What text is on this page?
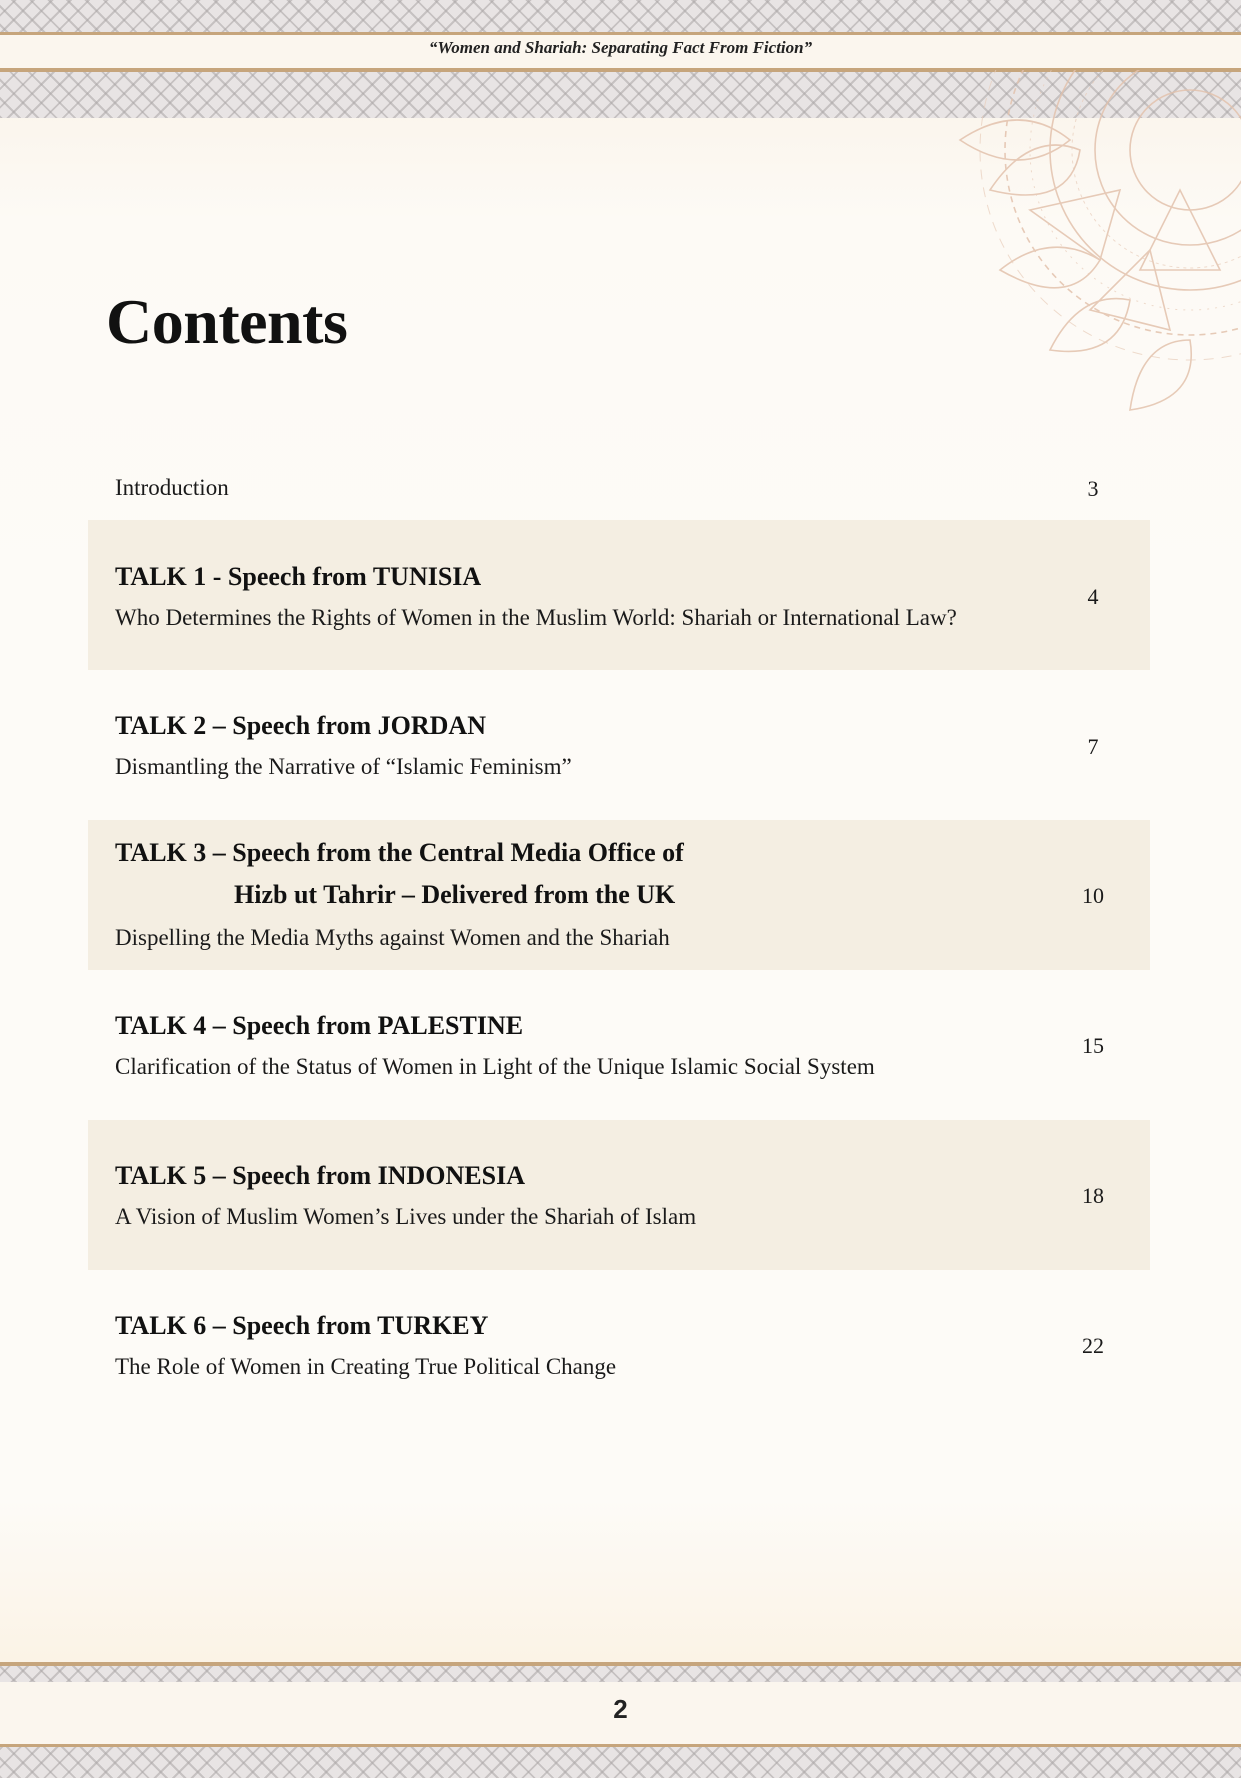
“Women and Shariah: Separating Fact From Fiction”
Contents
Introduction	3
TALK 1 - Speech from TUNISIA
Who Determines the Rights of Women in the Muslim World: Shariah or International Law?
4
TALK 2 – Speech from JORDAN
Dismantling the Narrative of “Islamic Feminism”
7
TALK 3 – Speech from the Central Media Office of
Hizb ut Tahrir – Delivered from the UK
Dispelling the Media Myths against Women and the Shariah
10
TALK 4 – Speech from PALESTINE
Clarification of the Status of Women in Light of the Unique Islamic Social System
15
TALK 5 – Speech from INDONESIA
A Vision of Muslim Women’s Lives under the Shariah of Islam
18
TALK 6 – Speech from TURKEY
The Role of Women in Creating True Political Change
22
2
